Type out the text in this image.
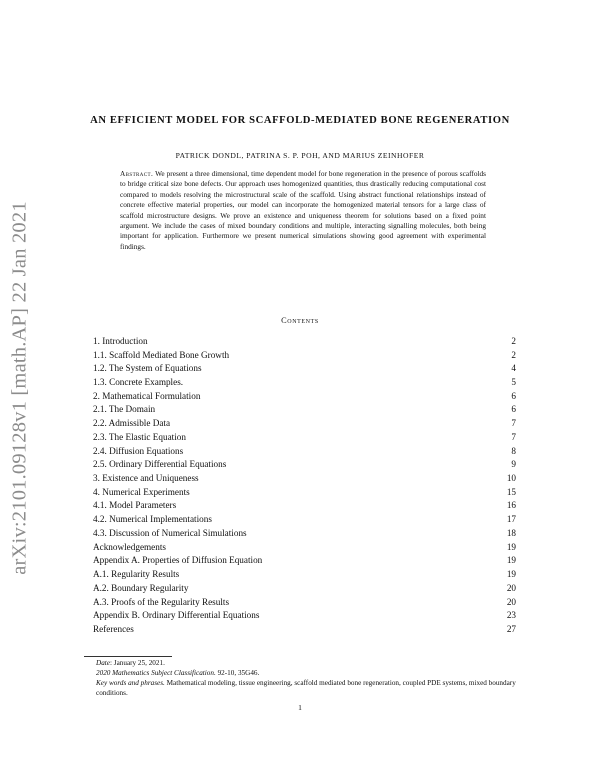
arXiv:2101.09128v1 [math.AP] 22 Jan 2021
AN EFFICIENT MODEL FOR SCAFFOLD-MEDIATED BONE REGENERATION
PATRICK DONDL, PATRINA S. P. POH, AND MARIUS ZEINHOFER
Abstract. We present a three dimensional, time dependent model for bone regeneration in the presence of porous scaffolds to bridge critical size bone defects. Our approach uses homogenized quantities, thus drastically reducing computational cost compared to models resolving the microstructural scale of the scaffold. Using abstract functional relationships instead of concrete effective material properties, our model can incorporate the homogenized material tensors for a large class of scaffold microstructure designs. We prove an existence and uniqueness theorem for solutions based on a fixed point argument. We include the cases of mixed boundary conditions and multiple, interacting signalling molecules, both being important for application. Furthermore we present numerical simulations showing good agreement with experimental findings.
Contents
1. Introduction	2
1.1. Scaffold Mediated Bone Growth	2
1.2. The System of Equations	4
1.3. Concrete Examples.	5
2. Mathematical Formulation	6
2.1. The Domain	6
2.2. Admissible Data	7
2.3. The Elastic Equation	7
2.4. Diffusion Equations	8
2.5. Ordinary Differential Equations	9
3. Existence and Uniqueness	10
4. Numerical Experiments	15
4.1. Model Parameters	16
4.2. Numerical Implementations	17
4.3. Discussion of Numerical Simulations	18
Acknowledgements	19
Appendix A. Properties of Diffusion Equation	19
A.1. Regularity Results	19
A.2. Boundary Regularity	20
A.3. Proofs of the Regularity Results	20
Appendix B. Ordinary Differential Equations	23
References	27
Date: January 25, 2021.
2020 Mathematics Subject Classification. 92-10, 35G46.
Key words and phrases. Mathematical modeling, tissue engineering, scaffold mediated bone regeneration, coupled PDE systems, mixed boundary conditions.
1
